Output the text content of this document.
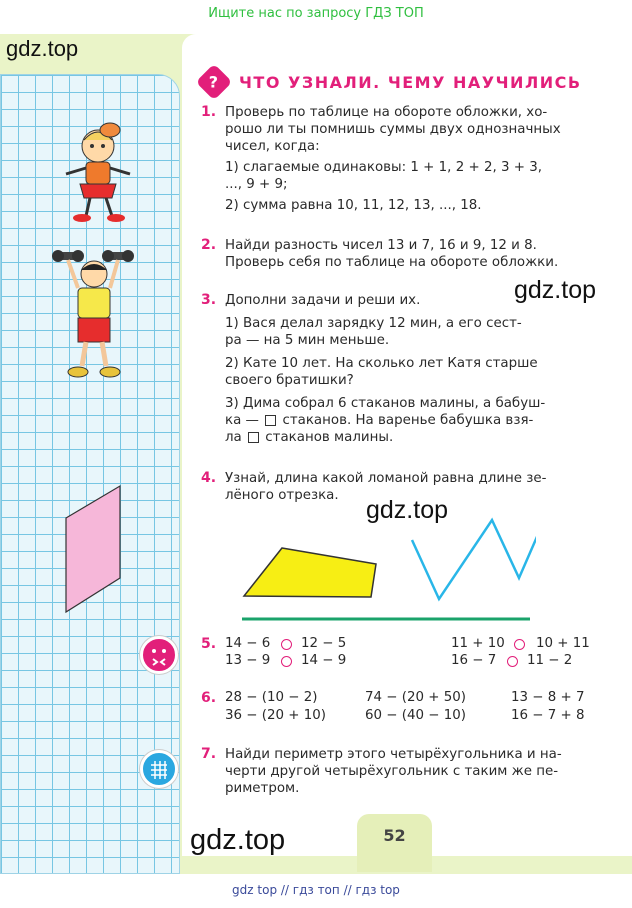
Ищите нас по запросу ГДЗ ТОП
gdz.top
? ЧТО УЗНАЛИ. ЧЕМУ НАУЧИЛИСЬ
1. Проверь по таблице на обороте обложки, хо-
рошо ли ты помнишь суммы двух однозначных
чисел, когда:
1) слагаемые одинаковы: 1 + 1, 2 + 2, 3 + 3,
..., 9 + 9;
2) сумма равна 10, 11, 12, 13, ..., 18.
2. Найди разность чисел 13 и 7, 16 и 9, 12 и 8.
Проверь себя по таблице на обороте обложки.
gdz.top
3. Дополни задачи и реши их.
1) Вася делал зарядку 12 мин, а его сест-
ра — на 5 мин меньше.
2) Кате 10 лет. На сколько лет Катя старше
своего братишки?
3) Дима собрал 6 стаканов малины, а бабуш-
ка —  стаканов. На варенье бабушка взя-
ла  стаканов малины.
4. Узнай, длина какой ломаной равна длине зе-
лёного отрезка.
gdz.top
5. 14 − 6 12 − 5	11 + 10 10 + 11
13 − 9 14 − 9	16 − 7 11 − 2
6. 28 − (10 − 2)	74 − (20 + 50)	13 − 8 + 7
36 − (20 + 10)	60 − (40 − 10)	16 − 7 + 8
7. Найди периметр этого четырёхугольника и на-
черти другой четырёхугольник с таким же пе-
риметром.
52
gdz.top
gdz top // гдз топ // гдз top
